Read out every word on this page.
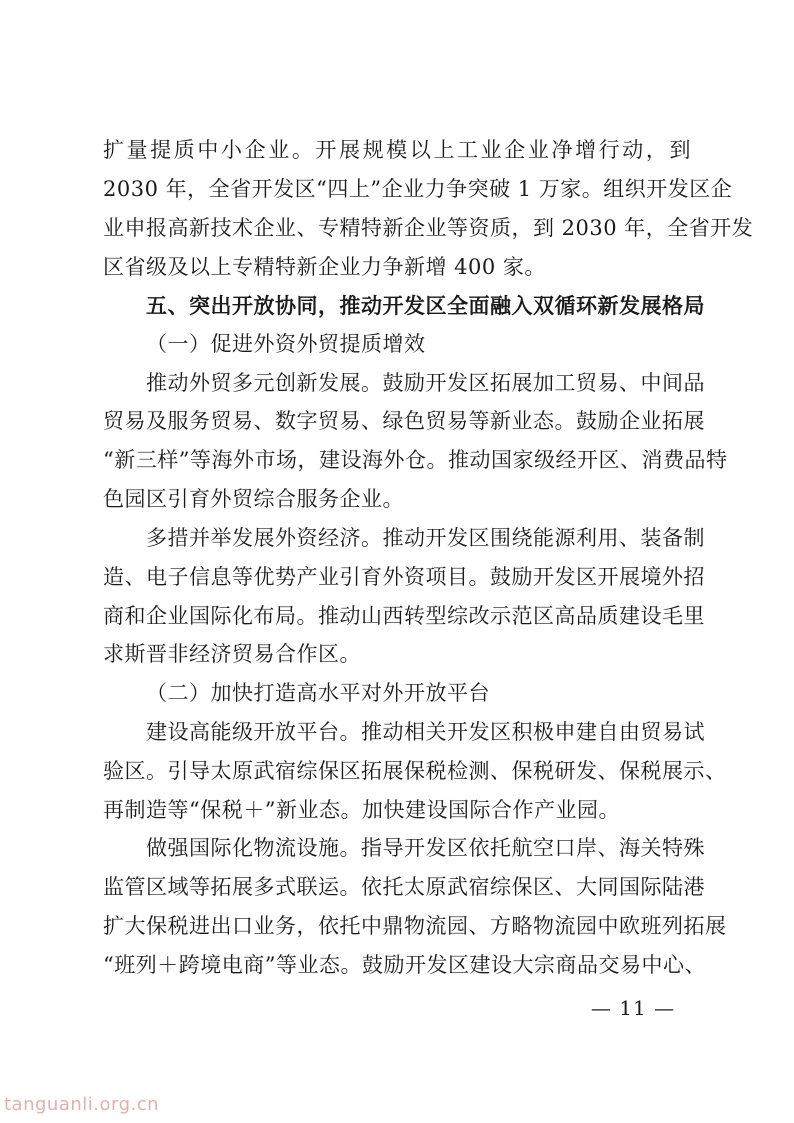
扩量提质中小企业。开展规模以上工业企业净增行动，到
2030 年，全省开发区“四上”企业力争突破 1 万家。组织开发区企
业申报高新技术企业、专精特新企业等资质，到 2030 年，全省开发
区省级及以上专精特新企业力争新增 400 家。
五、突出开放协同，推动开发区全面融入双循环新发展格局
（一）促进外资外贸提质增效
推动外贸多元创新发展。鼓励开发区拓展加工贸易、中间品
贸易及服务贸易、数字贸易、绿色贸易等新业态。鼓励企业拓展
“新三样”等海外市场，建设海外仓。推动国家级经开区、消费品特
色园区引育外贸综合服务企业。
多措并举发展外资经济。推动开发区围绕能源利用、装备制
造、电子信息等优势产业引育外资项目。鼓励开发区开展境外招
商和企业国际化布局。推动山西转型综改示范区高品质建设毛里
求斯晋非经济贸易合作区。
（二）加快打造高水平对外开放平台
建设高能级开放平台。推动相关开发区积极申建自由贸易试
验区。引导太原武宿综保区拓展保税检测、保税研发、保税展示、
再制造等“保税＋”新业态。加快建设国际合作产业园。
做强国际化物流设施。指导开发区依托航空口岸、海关特殊
监管区域等拓展多式联运。依托太原武宿综保区、大同国际陆港
扩大保税进出口业务，依托中鼎物流园、方略物流园中欧班列拓展
“班列＋跨境电商”等业态。鼓励开发区建设大宗商品交易中心、
— 11 —
tanguanli.org.cn
